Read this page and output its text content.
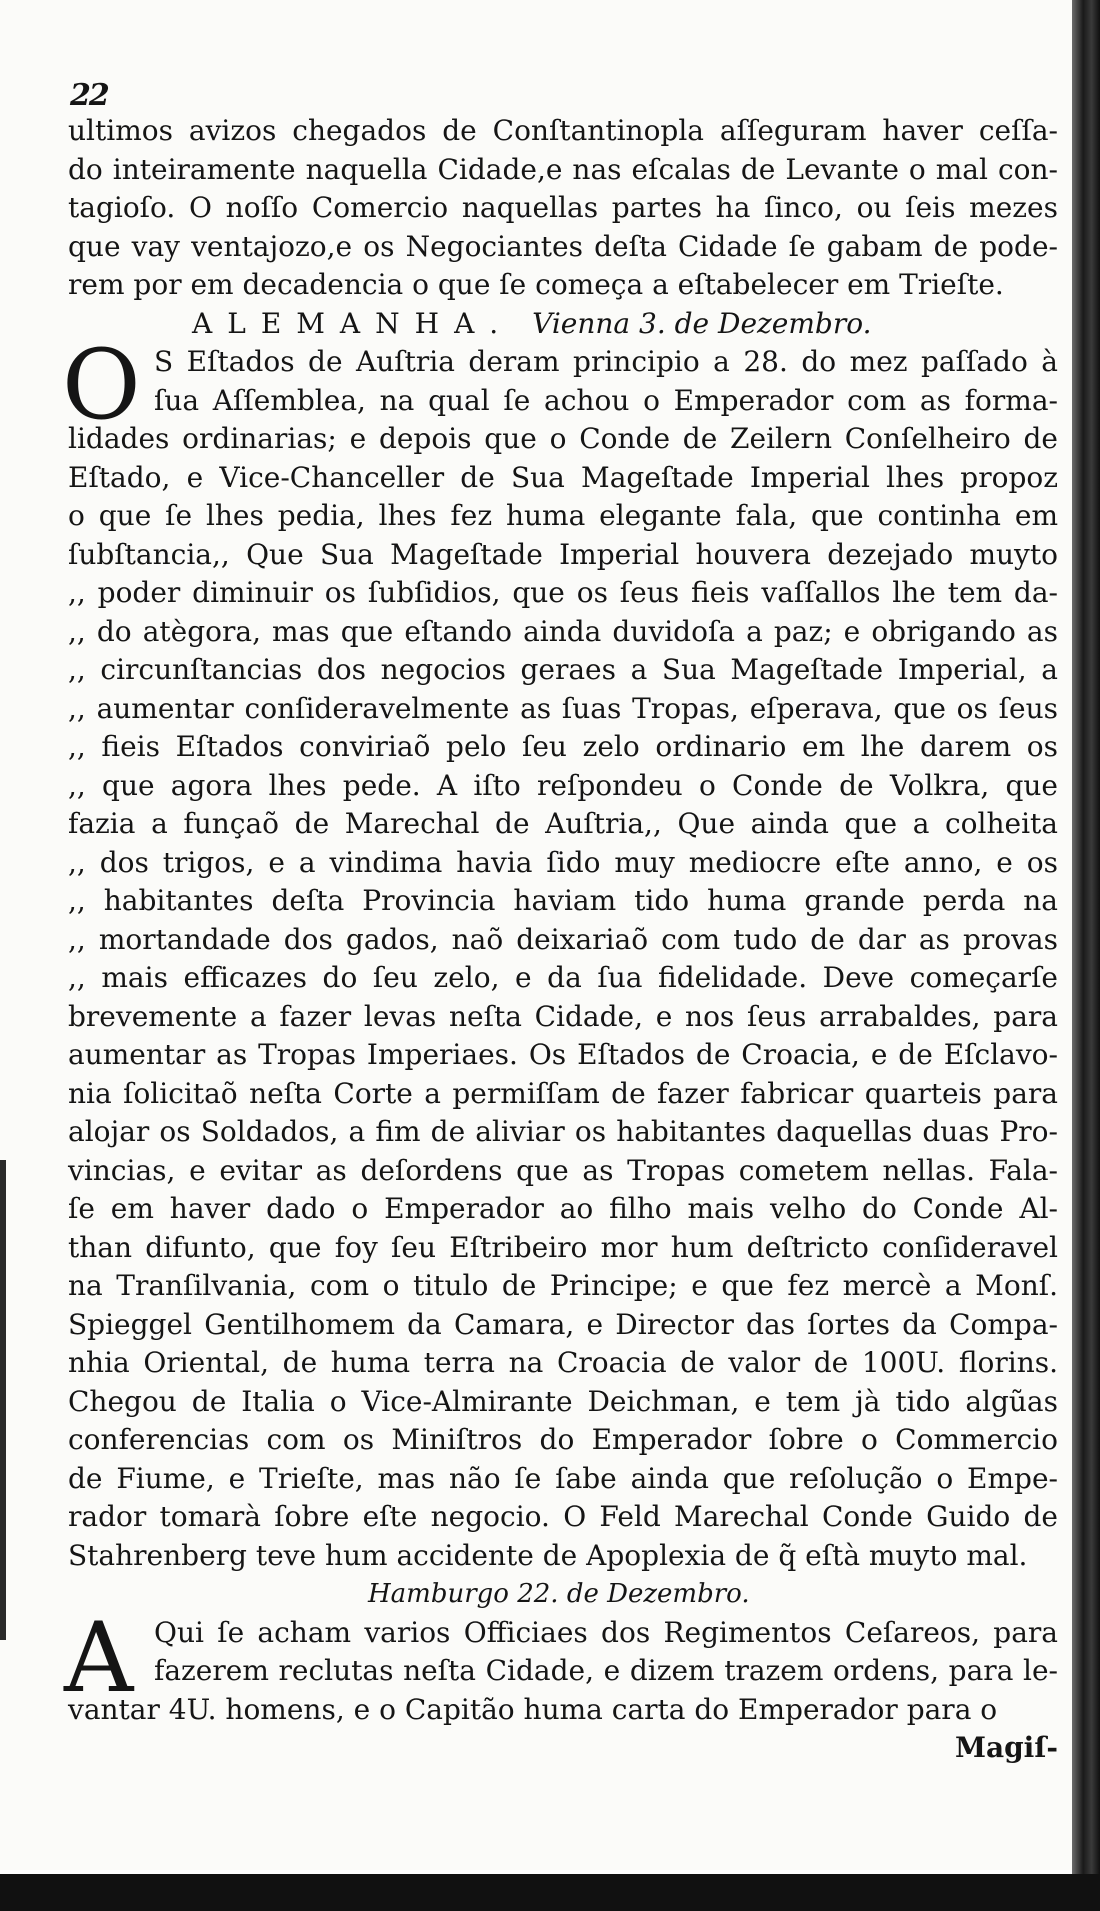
22
ultimos avizos chegados de Conſtantinopla aſſeguram haver ceſſa-
do inteiramente naquella Cidade,e nas eſcalas de Levante o mal con-
tagioſo. O noſſo Comercio naquellas partes ha ſinco, ou ſeis mezes
que vay ventajozo,e os Negociantes deſta Cidade ſe gabam de pode-
rem por em decadencia o que ſe começa a eſtabelecer em Trieſte.
ALEMANHA. Vienna 3. de Dezembro.
O S Eſtados de Auſtria deram principio a 28. do mez paſſado à
ſua Aſſemblea, na qual ſe achou o Emperador com as forma-
lidades ordinarias; e depois que o Conde de Zeilern Conſelheiro de
Eſtado, e Vice-Chanceller de Sua Mageſtade Imperial lhes propoz
o que ſe lhes pedia, lhes fez huma elegante fala, que continha em
ſubſtancia,, Que Sua Mageſtade Imperial houvera dezejado muyto
,, poder diminuir os ſubſidios, que os ſeus fieis vaſſallos lhe tem da-
,, do atègora, mas que eſtando ainda duvidoſa a paz; e obrigando as
,, circunſtancias dos negocios geraes a Sua Mageſtade Imperial, a
,, aumentar conſideravelmente as ſuas Tropas, eſperava, que os ſeus
,, fieis Eſtados conviriaõ pelo ſeu zelo ordinario em lhe darem os
,, que agora lhes pede. A iſto reſpondeu o Conde de Volkra, que
fazia a funçaõ de Marechal de Auſtria,, Que ainda que a colheita
,, dos trigos, e a vindima havia ſido muy mediocre eſte anno, e os
,, habitantes deſta Provincia haviam tido huma grande perda na
,, mortandade dos gados, naõ deixariaõ com tudo de dar as provas
,, mais efficazes do ſeu zelo, e da ſua fidelidade. Deve começarſe
brevemente a fazer levas neſta Cidade, e nos ſeus arrabaldes, para
aumentar as Tropas Imperiaes. Os Eſtados de Croacia, e de Eſclavo-
nia ſolicitaõ neſta Corte a permiſſam de fazer fabricar quarteis para
alojar os Soldados, a fim de aliviar os habitantes daquellas duas Pro-
vincias, e evitar as deſordens que as Tropas cometem nellas. Fala-
ſe em haver dado o Emperador ao filho mais velho do Conde Al-
than difunto, que foy ſeu Eſtribeiro mor hum deſtricto conſideravel
na Tranſilvania, com o titulo de Principe; e que fez mercè a Monſ.
Spieggel Gentilhomem da Camara, e Director das ſortes da Compa-
nhia Oriental, de huma terra na Croacia de valor de 100U. florins.
Chegou de Italia o Vice-Almirante Deichman, e tem jà tido algũas
conferencias com os Miniſtros do Emperador ſobre o Commercio
de Fiume, e Trieſte, mas não ſe ſabe ainda que reſolução o Empe-
rador tomarà ſobre eſte negocio. O Feld Marechal Conde Guido de
Stahrenberg teve hum accidente de Apoplexia de q̃ eſtà muyto mal.
Hamburgo 22. de Dezembro.
A Qui ſe acham varios Officiaes dos Regimentos Ceſareos, para
fazerem reclutas neſta Cidade, e dizem trazem ordens, para le-
vantar 4U. homens, e o Capitão huma carta do Emperador para o
Magiſ-
